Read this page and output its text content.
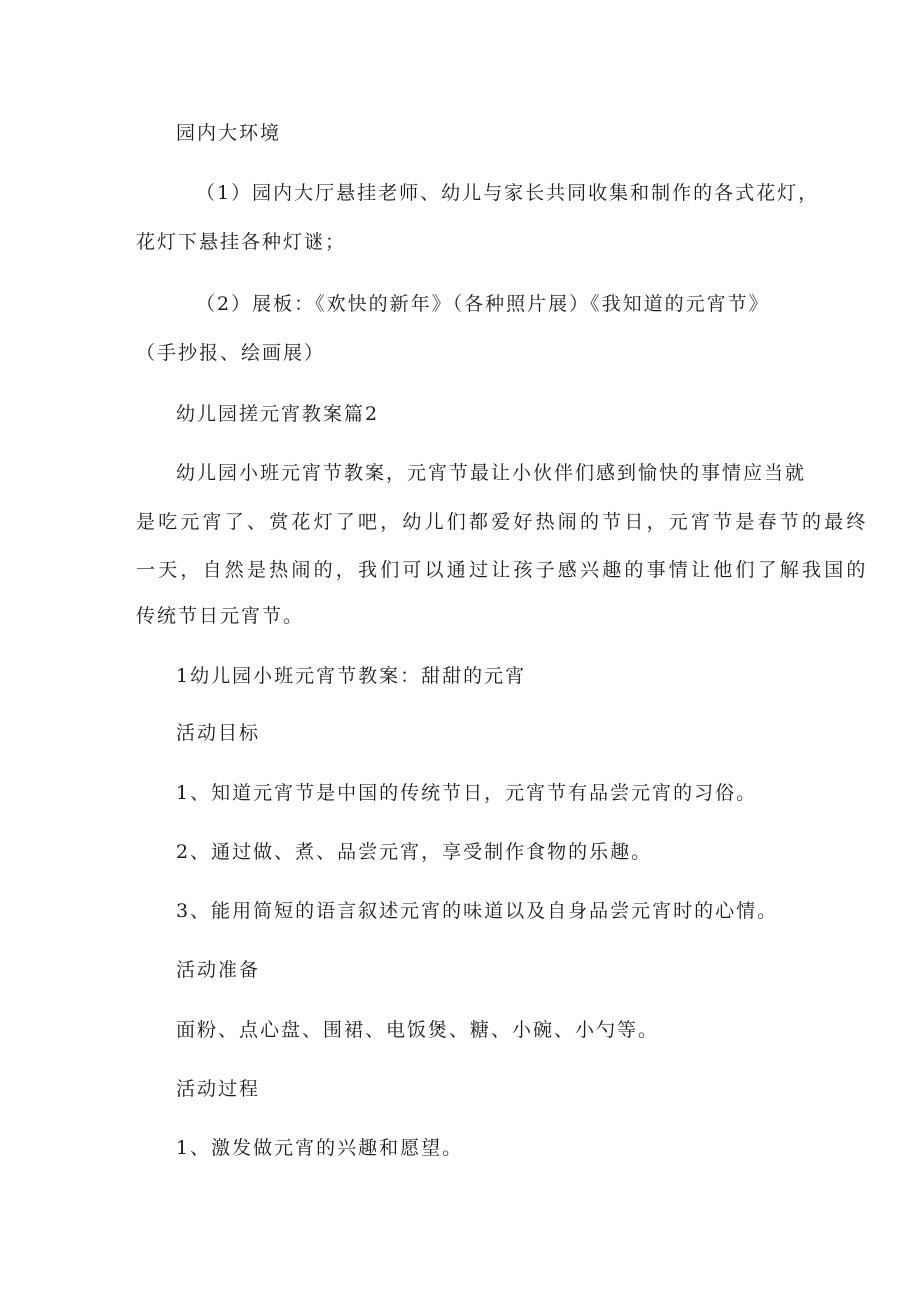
园内大环境
（1）园内大厅悬挂老师、幼儿与家长共同收集和制作的各式花灯，
花灯下悬挂各种灯谜；
（2）展板：《欢快的新年》（各种照片展）《我知道的元宵节》
（手抄报、绘画展）
幼儿园搓元宵教案篇2
幼儿园小班元宵节教案，元宵节最让小伙伴们感到愉快的事情应当就
是吃元宵了、赏花灯了吧，幼儿们都爱好热闹的节日，元宵节是春节的最终
一天，自然是热闹的，我们可以通过让孩子感兴趣的事情让他们了解我国的
传统节日元宵节。
1幼儿园小班元宵节教案：甜甜的元宵
活动目标
1、知道元宵节是中国的传统节日，元宵节有品尝元宵的习俗。
2、通过做、煮、品尝元宵，享受制作食物的乐趣。
3、能用简短的语言叙述元宵的味道以及自身品尝元宵时的心情。
活动准备
面粉、点心盘、围裙、电饭煲、糖、小碗、小勺等。
活动过程
1、激发做元宵的兴趣和愿望。
